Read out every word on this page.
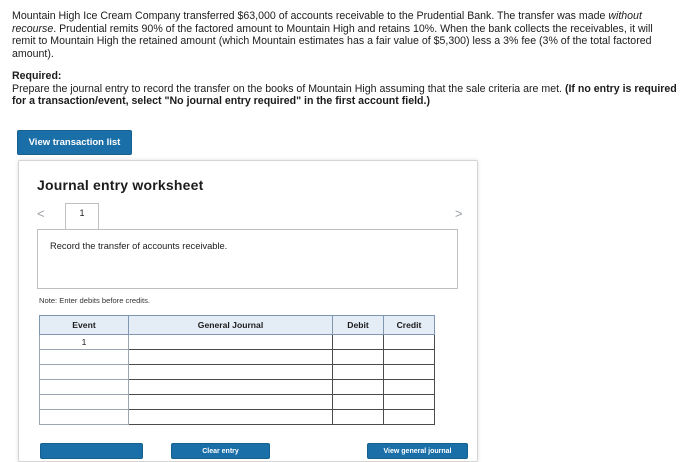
Mountain High Ice Cream Company transferred $63,000 of accounts receivable to the Prudential Bank. The transfer was made without recourse. Prudential remits 90% of the factored amount to Mountain High and retains 10%. When the bank collects the receivables, it will remit to Mountain High the retained amount (which Mountain estimates has a fair value of $5,300) less a 3% fee (3% of the total factored amount).
Required:
Prepare the journal entry to record the transfer on the books of Mountain High assuming that the sale criteria are met. (If no entry is required for a transaction/event, select "No journal entry required" in the first account field.)
View transaction list
Journal entry worksheet
<	1	>
Record the transfer of accounts receivable.
Note: Enter debits before credits.
Event	General Journal	Debit	Credit
1			

Clear entry	View general journal
